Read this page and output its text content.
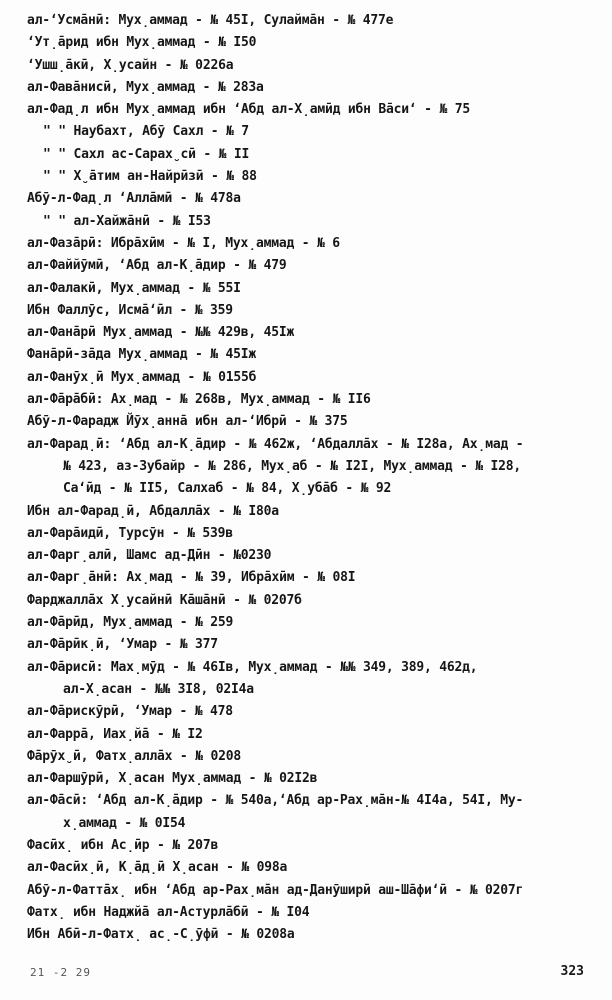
ал-ʻУсма̄нӣ: Мух̣аммад - № 45I, Сулайма̄н - № 477е
ʻУт̣а̄рид ибн Мух̣аммад - № I50
ʻУшш̣а̄кӣ, Х̣усайн - № 0226а
ал-Фава̄нисӣ, Мух̣аммад - № 283а
ал-Фад̣л ибн Мух̣аммад ибн ʻАбд ал-Х̣амӣд ибн Ва̄сиʻ - № 75
" " Наубахт, Абӯ Сахл - № 7
" " Сахл ас-Сарах̮сӣ - № II
" " Х̮а̄тим ан-Найрӣзӣ - № 88
Абӯ-л-Фад̣л ʻАлла̄мӣ - № 478а
" " ал-Хайжа̄нӣ - № I53
ал-Фаза̄рӣ: Ибра̄хӣм - № I, Мух̣аммад - № 6
ал-Файйӯмӣ, ʻАбд ал-К̣а̄дир - № 479
ал-Фалакӣ, Мух̣аммад - № 55I
Ибн Фаллӯс, Исма̄ʻӣл - № 359
ал-Фана̄рӣ Мух̣аммад - №№ 429в, 45Iж
Фана̄рӣ-за̄да Мух̣аммад - № 45Iж
ал-Фанӯх̣ӣ Мух̣аммад - № 0155б
ал-Фа̄ра̄бӣ: Ах̣мад - № 268в, Мух̣аммад - № II6
Абӯ-л-Фарадж Йӯх̣анна̄ ибн ал-ʻИбрӣ - № 375
ал-Фарад̣ӣ: ʻАбд ал-К̣а̄дир - № 462ж, ʻАбдалла̄х - № I28а, Ах̣мад -
№ 423, аз-Зубайр - № 286, Мух̣аб - № I2I, Мух̣аммад - № I28,
Саʻӣд - № II5, Салхаб - № 84, Х̣уба̄б - № 92
Ибн ал-Фарад̣ӣ, Абдалла̄х - № I80а
ал-Фара̄идӣ, Турсӯн - № 539в
ал-Фарг̣алӣ, Шамс ад-Дӣн - №0230
ал-Фарг̣а̄нӣ: Ах̣мад - № 39, Ибра̄хӣм - № 08I
Фарджалла̄х Х̣усайнӣ Ка̄ша̄нӣ - № 0207б
ал-Фа̄рӣд, Мух̣аммад - № 259
ал-Фа̄рӣк̣ӣ, ʻУмар - № 377
ал-Фа̄рисӣ: Мах̣мӯд - № 46Iв, Мух̣аммад - №№ 349, 389, 462д,
ал-Х̣асан - №№ 3I8, 02I4а
ал-Фа̄рискӯрӣ, ʻУмар - № 478
ал-Фарра̄, Иах̣йа̄ - № I2
Фа̄рӯх̮ӣ, Фатх̣алла̄х - № 0208
ал-Фаршӯрӣ, Х̣асан Мух̣аммад - № 02I2в
ал-Фа̄сӣ: ʻАбд ал-К̣а̄дир - № 540а,ʻАбд ар-Рах̣ма̄н-№ 4I4а, 54I, Му-
х̣аммад - № 0I54
Фасӣх̣ ибн Ас̣ӣр - № 207в
ал-Фасӣх̣ӣ, К̣а̄д̣ӣ Х̣асан - № 098а
Абӯ-л-Фатта̄х̣ ибн ʻАбд ар-Рах̣ма̄н ад-Данӯширӣ аш-Ша̄фиʻӣ - № 0207г
Фатх̣ ибн Наджйа̄ ал-Астурла̄бӣ - № I04
Ибн Абӣ-л-Фатх̣ ас̣-С̣ӯфӣ - № 0208а
21 -2 29	323
